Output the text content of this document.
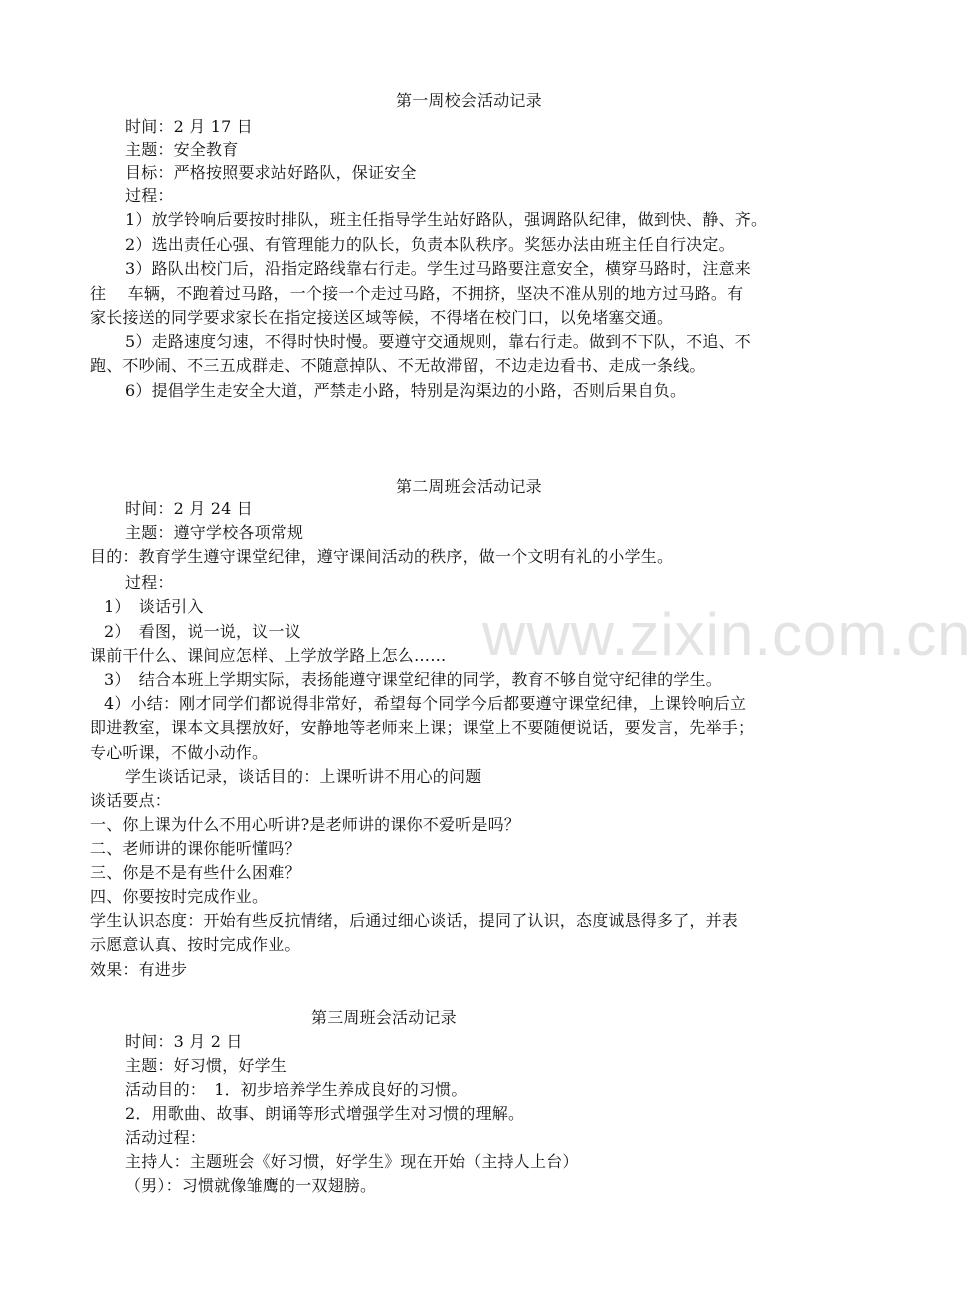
www.zixin.com.cn
第一周校会活动记录
时间：2 月 17 日
主题：安全教育
目标：严格按照要求站好路队，保证安全
过程：
1）放学铃响后要按时排队，班主任指导学生站好路队，强调路队纪律，做到快、静、齐。
2）选出责任心强、有管理能力的队长，负责本队秩序。奖惩办法由班主任自行决定。
3）路队出校门后，沿指定路线靠右行走。学生过马路要注意安全，横穿马路时，注意来
往　 车辆，不跑着过马路，一个接一个走过马路，不拥挤，坚决不准从别的地方过马路。有
家长接送的同学要求家长在指定接送区域等候，不得堵在校门口，以免堵塞交通。
5）走路速度匀速，不得时快时慢。要遵守交通规则，靠右行走。做到不下队，不追、不
跑、不吵闹、不三五成群走、不随意掉队、不无故滞留，不边走边看书、走成一条线。
6）提倡学生走安全大道，严禁走小路，特别是沟渠边的小路，否则后果自负。
第二周班会活动记录
时间：2 月 24 日
主题：遵守学校各项常规
目的：教育学生遵守课堂纪律，遵守课间活动的秩序，做一个文明有礼的小学生。
过程：
1）　谈话引入
2）　看图，说一说，议一议
课前干什么、课间应怎样、上学放学路上怎么……
3）　结合本班上学期实际，表扬能遵守课堂纪律的同学，教育不够自觉守纪律的学生。
4）小结：刚才同学们都说得非常好，希望每个同学今后都要遵守课堂纪律，上课铃响后立
即进教室，课本文具摆放好，安静地等老师来上课；课堂上不要随便说话，要发言，先举手；
专心听课，不做小动作。
学生谈话记录，谈话目的：上课听讲不用心的问题
谈话要点：
一、你上课为什么不用心听讲?是老师讲的课你不爱听是吗？
二、老师讲的课你能听懂吗？
三、你是不是有些什么困难？
四、你要按时完成作业。
学生认识态度：开始有些反抗情绪，后通过细心谈话，提同了认识，态度诚恳得多了，并表
示愿意认真、按时完成作业。
效果：有进步
第三周班会活动记录
时间：3 月 2 日
主题：好习惯，好学生
活动目的：　1．初步培养学生养成良好的习惯。
2．用歌曲、故事、朗诵等形式增强学生对习惯的理解。
活动过程：
主持人：主题班会《好习惯，好学生》现在开始（主持人上台）
（男）：习惯就像雏鹰的一双翅膀。
